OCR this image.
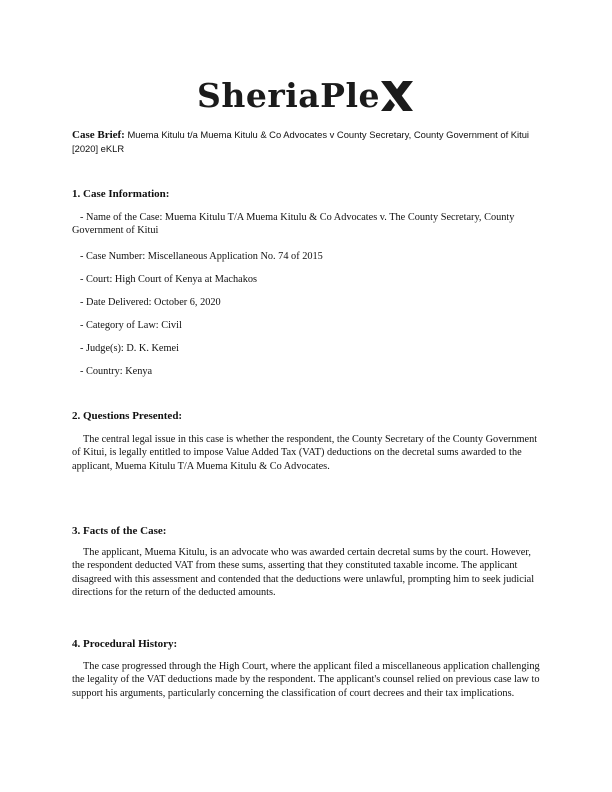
SheriaPle
Case Brief: Muema Kitulu t/a Muema Kitulu & Co Advocates v County Secretary, County Government of Kitui [2020] eKLR
1. Case Information:

- Name of the Case: Muema Kitulu T/A Muema Kitulu & Co Advocates v. The County Secretary, County Government of Kitui

- Case Number: Miscellaneous Application No. 74 of 2015

- Court: High Court of Kenya at Machakos

- Date Delivered: October 6, 2020

- Category of Law: Civil

- Judge(s): D. K. Kemei

- Country: Kenya

2. Questions Presented:

The central legal issue in this case is whether the respondent, the County Secretary of the County Government of Kitui, is legally entitled to impose Value Added Tax (VAT) deductions on the decretal sums awarded to the applicant, Muema Kitulu T/A Muema Kitulu & Co Advocates.

3. Facts of the Case:

The applicant, Muema Kitulu, is an advocate who was awarded certain decretal sums by the court. However, the respondent deducted VAT from these sums, asserting that they constituted taxable income. The applicant disagreed with this assessment and contended that the deductions were unlawful, prompting him to seek judicial directions for the return of the deducted amounts.

4. Procedural History:

The case progressed through the High Court, where the applicant filed a miscellaneous application challenging the legality of the VAT deductions made by the respondent. The applicant's counsel relied on previous case law to support his arguments, particularly concerning the classification of court decrees and their tax implications.
